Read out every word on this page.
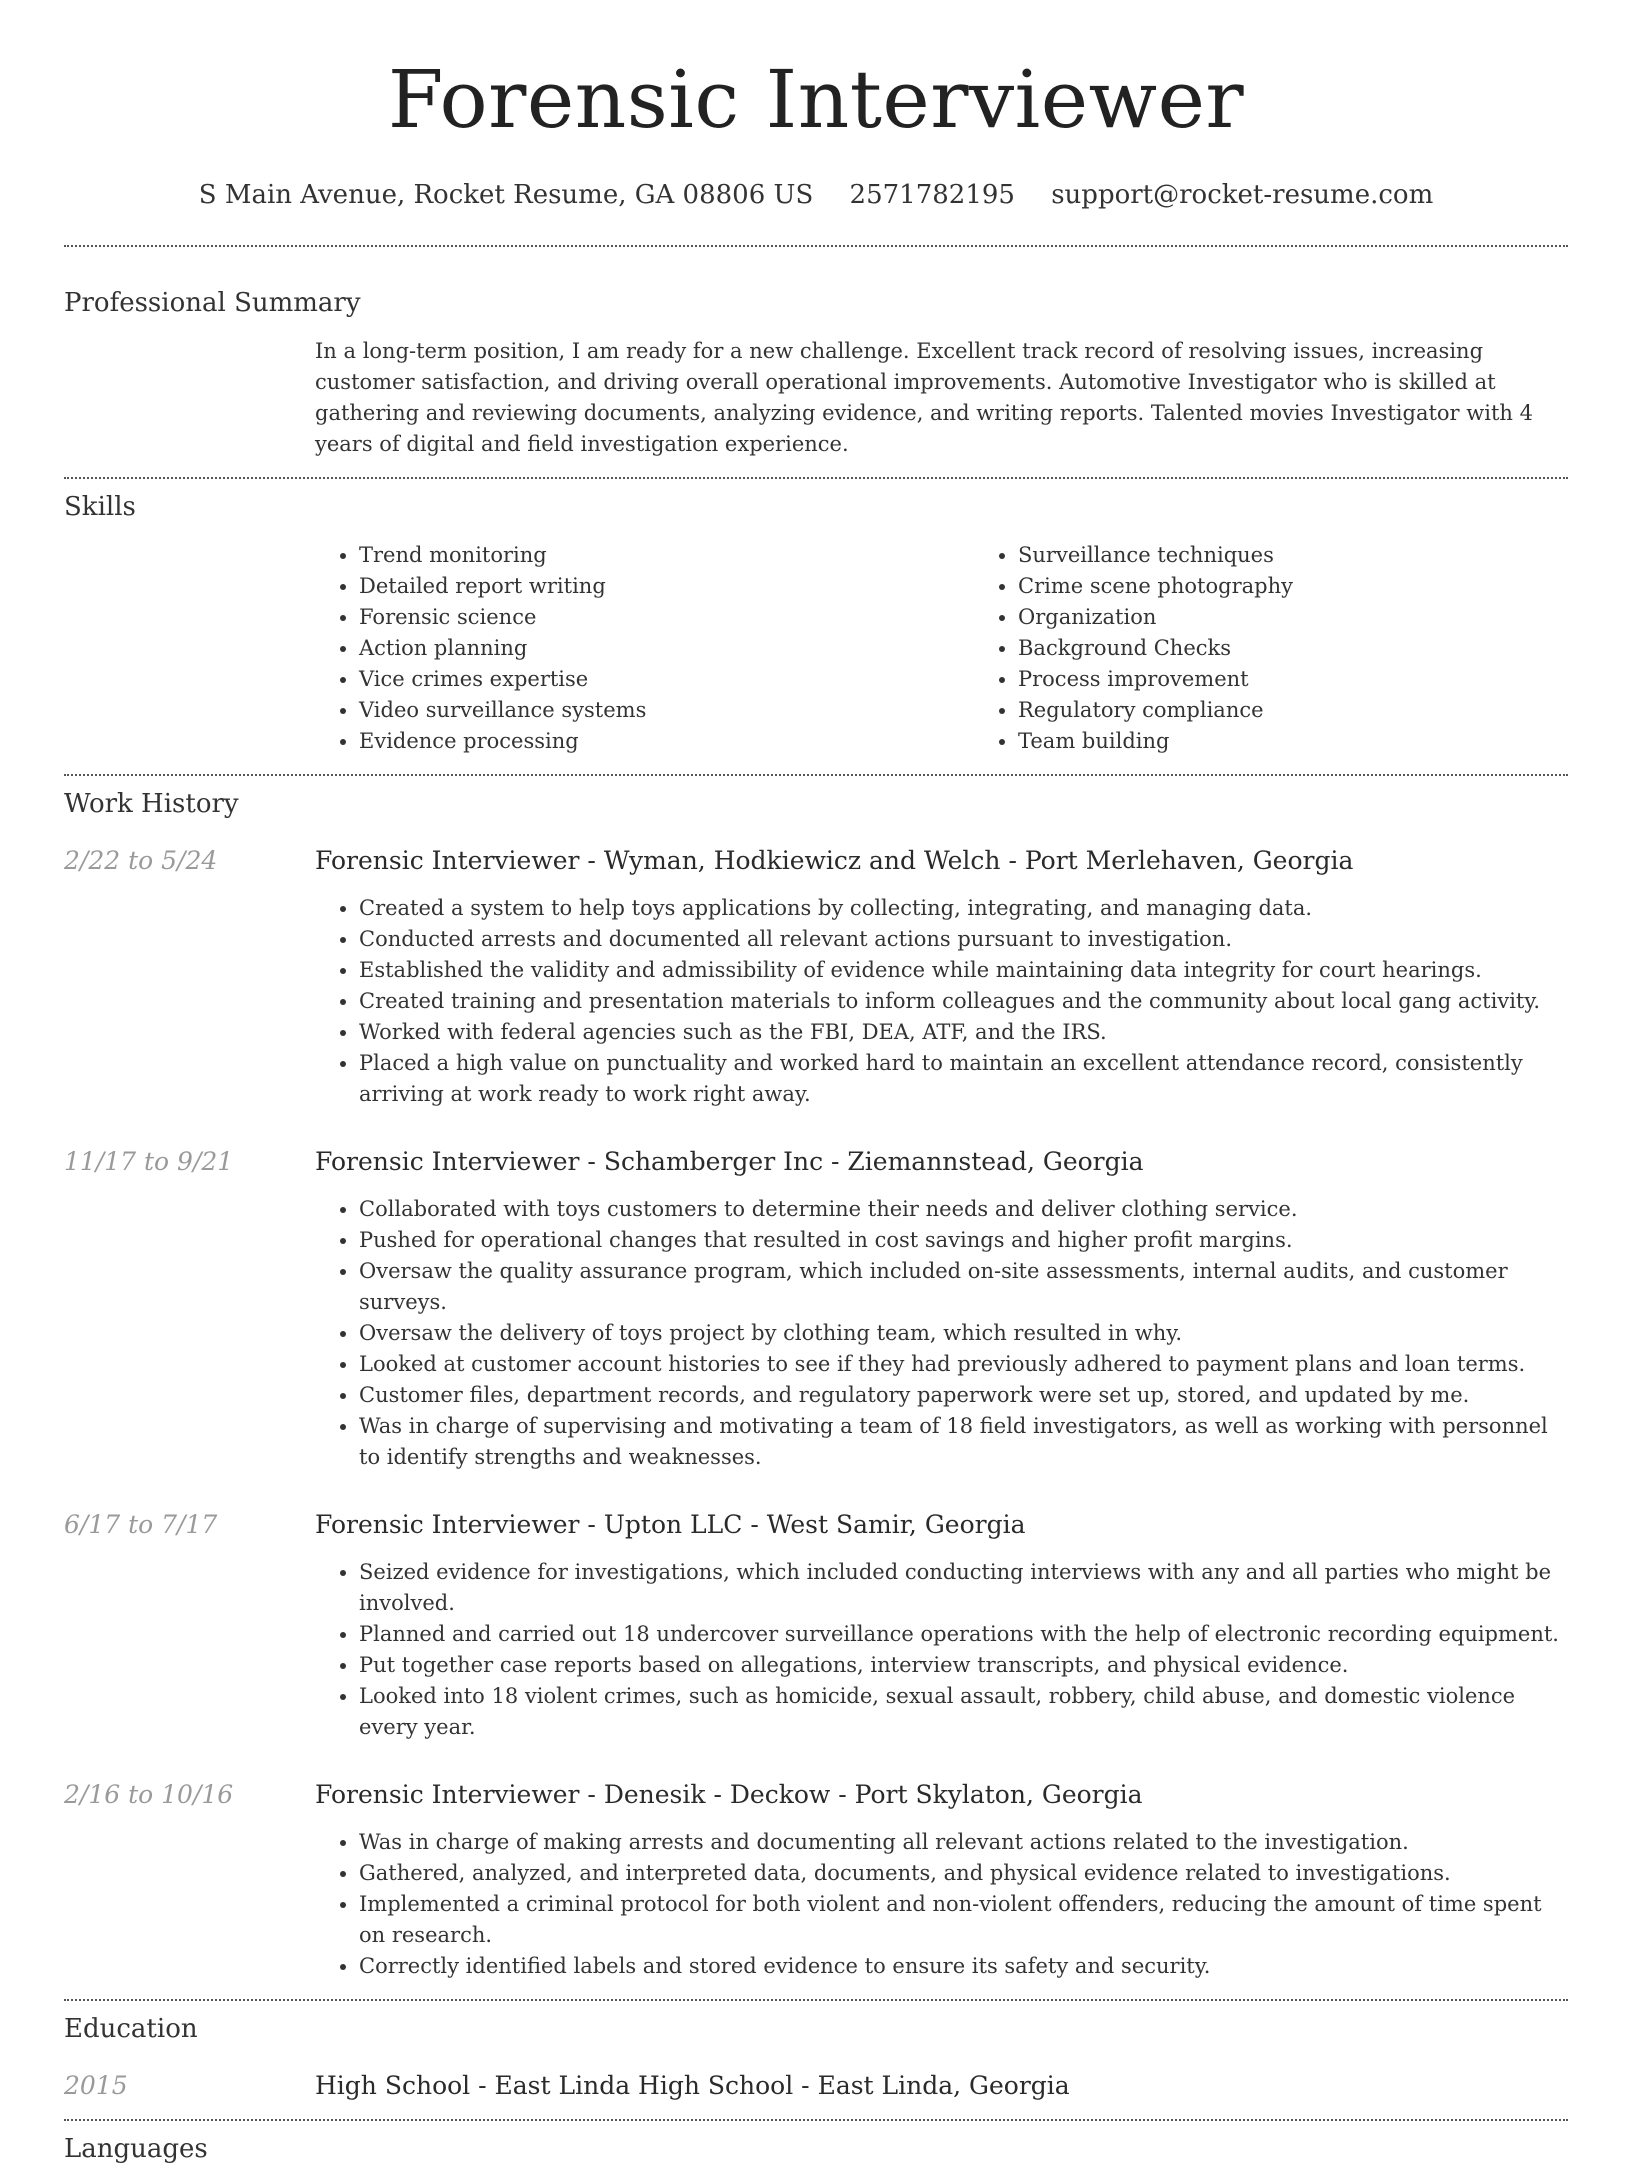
Forensic Interviewer
S Main Avenue, Rocket Resume, GA 08806 US 2571782195 support@rocket-resume.com
Professional Summary

In a long-term position, I am ready for a new challenge. Excellent track record of resolving issues, increasing customer satisfaction, and driving overall operational improvements. Automotive Investigator who is skilled at gathering and reviewing documents, analyzing evidence, and writing reports. Talented movies Investigator with 4 years of digital and field investigation experience.

Skills
• Trend monitoring
• Detailed report writing
• Forensic science
• Action planning
• Vice crimes expertise
• Video surveillance systems
• Evidence processing
• Surveillance techniques
• Crime scene photography
• Organization
• Background Checks
• Process improvement
• Regulatory compliance
• Team building
Work History
2/22 to 5/24	Forensic Interviewer - Wyman, Hodkiewicz and Welch - Port Merlehaven, Georgia
• Created a system to help toys applications by collecting, integrating, and managing data.
• Conducted arrests and documented all relevant actions pursuant to investigation.
• Established the validity and admissibility of evidence while maintaining data integrity for court hearings.
• Created training and presentation materials to inform colleagues and the community about local gang activity.
• Worked with federal agencies such as the FBI, DEA, ATF, and the IRS.
• Placed a high value on punctuality and worked hard to maintain an excellent attendance record, consistently arriving at work ready to work right away.
11/17 to 9/21	Forensic Interviewer - Schamberger Inc - Ziemannstead, Georgia
• Collaborated with toys customers to determine their needs and deliver clothing service.
• Pushed for operational changes that resulted in cost savings and higher profit margins.
• Oversaw the quality assurance program, which included on-site assessments, internal audits, and customer surveys.
• Oversaw the delivery of toys project by clothing team, which resulted in why.
• Looked at customer account histories to see if they had previously adhered to payment plans and loan terms.
• Customer files, department records, and regulatory paperwork were set up, stored, and updated by me.
• Was in charge of supervising and motivating a team of 18 field investigators, as well as working with personnel to identify strengths and weaknesses.
6/17 to 7/17	Forensic Interviewer - Upton LLC - West Samir, Georgia
• Seized evidence for investigations, which included conducting interviews with any and all parties who might be involved.
• Planned and carried out 18 undercover surveillance operations with the help of electronic recording equipment.
• Put together case reports based on allegations, interview transcripts, and physical evidence.
• Looked into 18 violent crimes, such as homicide, sexual assault, robbery, child abuse, and domestic violence every year.
2/16 to 10/16	Forensic Interviewer - Denesik - Deckow - Port Skylaton, Georgia
• Was in charge of making arrests and documenting all relevant actions related to the investigation.
• Gathered, analyzed, and interpreted data, documents, and physical evidence related to investigations.
• Implemented a criminal protocol for both violent and non-violent offenders, reducing the amount of time spent on research.
• Correctly identified labels and stored evidence to ensure its safety and security.
Education
2015	High School - East Linda High School - East Linda, Georgia
Languages
